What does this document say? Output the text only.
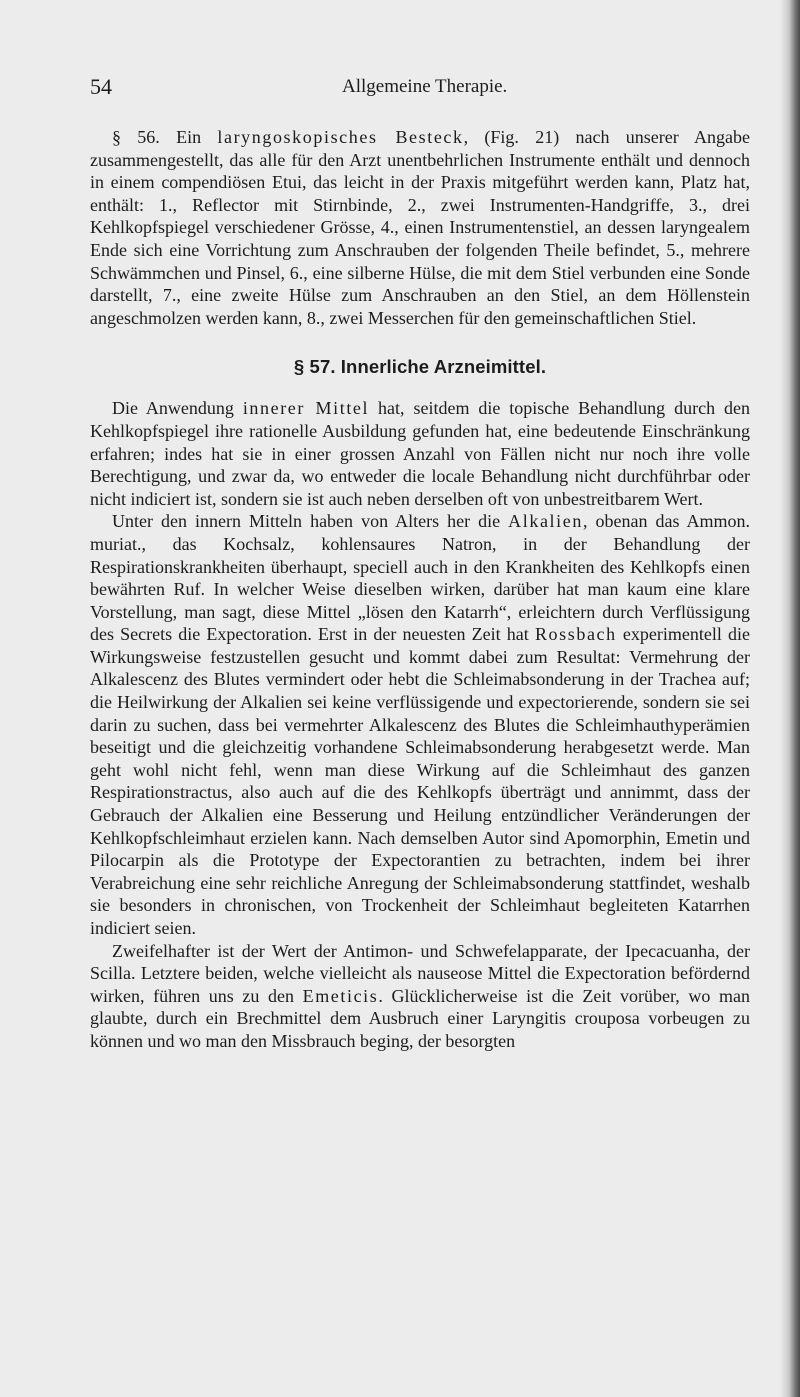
54	Allgemeine Therapie.

§ 56. Ein laryngoskopisches Besteck, (Fig. 21) nach unserer Angabe zusammengestellt, das alle für den Arzt unentbehrlichen Instrumente enthält und dennoch in einem compendiösen Etui, das leicht in der Praxis mitgeführt werden kann, Platz hat, enthält: 1., Reflector mit Stirnbinde, 2., zwei Instrumenten-Handgriffe, 3., drei Kehlkopfspiegel verschiedener Grösse, 4., einen Instrumentenstiel, an dessen laryngealem Ende sich eine Vorrichtung zum Anschrauben der folgenden Theile befindet, 5., mehrere Schwämmchen und Pinsel, 6., eine silberne Hülse, die mit dem Stiel verbunden eine Sonde darstellt, 7., eine zweite Hülse zum Anschrauben an den Stiel, an dem Höllenstein angeschmolzen werden kann, 8., zwei Messerchen für den gemeinschaftlichen Stiel.

§ 57. Innerliche Arzneimittel.

Die Anwendung innerer Mittel hat, seitdem die topische Behandlung durch den Kehlkopfspiegel ihre rationelle Ausbildung gefunden hat, eine bedeutende Einschränkung erfahren; indes hat sie in einer grossen Anzahl von Fällen nicht nur noch ihre volle Berechtigung, und zwar da, wo entweder die locale Behandlung nicht durchführbar oder nicht indiciert ist, sondern sie ist auch neben derselben oft von unbestreitbarem Wert.

Unter den innern Mitteln haben von Alters her die Alkalien, obenan das Ammon. muriat., das Kochsalz, kohlensaures Natron, in der Behandlung der Respirationskrankheiten überhaupt, speciell auch in den Krankheiten des Kehlkopfs einen bewährten Ruf. In welcher Weise dieselben wirken, darüber hat man kaum eine klare Vorstellung, man sagt, diese Mittel „lösen den Katarrh“, erleichtern durch Verflüssigung des Secrets die Expectoration. Erst in der neuesten Zeit hat Rossbach experimentell die Wirkungsweise festzustellen gesucht und kommt dabei zum Resultat: Vermehrung der Alkalescenz des Blutes vermindert oder hebt die Schleimabsonderung in der Trachea auf; die Heilwirkung der Alkalien sei keine verflüssigende und expectorierende, sondern sie sei darin zu suchen, dass bei vermehrter Alkalescenz des Blutes die Schleimhauthyperämien beseitigt und die gleichzeitig vorhandene Schleimabsonderung herabgesetzt werde. Man geht wohl nicht fehl, wenn man diese Wirkung auf die Schleimhaut des ganzen Respirationstractus, also auch auf die des Kehlkopfs überträgt und annimmt, dass der Gebrauch der Alkalien eine Besserung und Heilung entzündlicher Veränderungen der Kehlkopfschleimhaut erzielen kann. Nach demselben Autor sind Apomorphin, Emetin und Pilocarpin als die Prototype der Expectorantien zu betrachten, indem bei ihrer Verabreichung eine sehr reichliche Anregung der Schleimabsonderung stattfindet, weshalb sie besonders in chronischen, von Trockenheit der Schleimhaut begleiteten Katarrhen indiciert seien.

Zweifelhafter ist der Wert der Antimon- und Schwefelapparate, der Ipecacuanha, der Scilla. Letztere beiden, welche vielleicht als nauseose Mittel die Expectoration befördernd wirken, führen uns zu den Emeticis. Glücklicherweise ist die Zeit vorüber, wo man glaubte, durch ein Brechmittel dem Ausbruch einer Laryngitis crouposa vorbeugen zu können und wo man den Missbrauch beging, der besorgten
